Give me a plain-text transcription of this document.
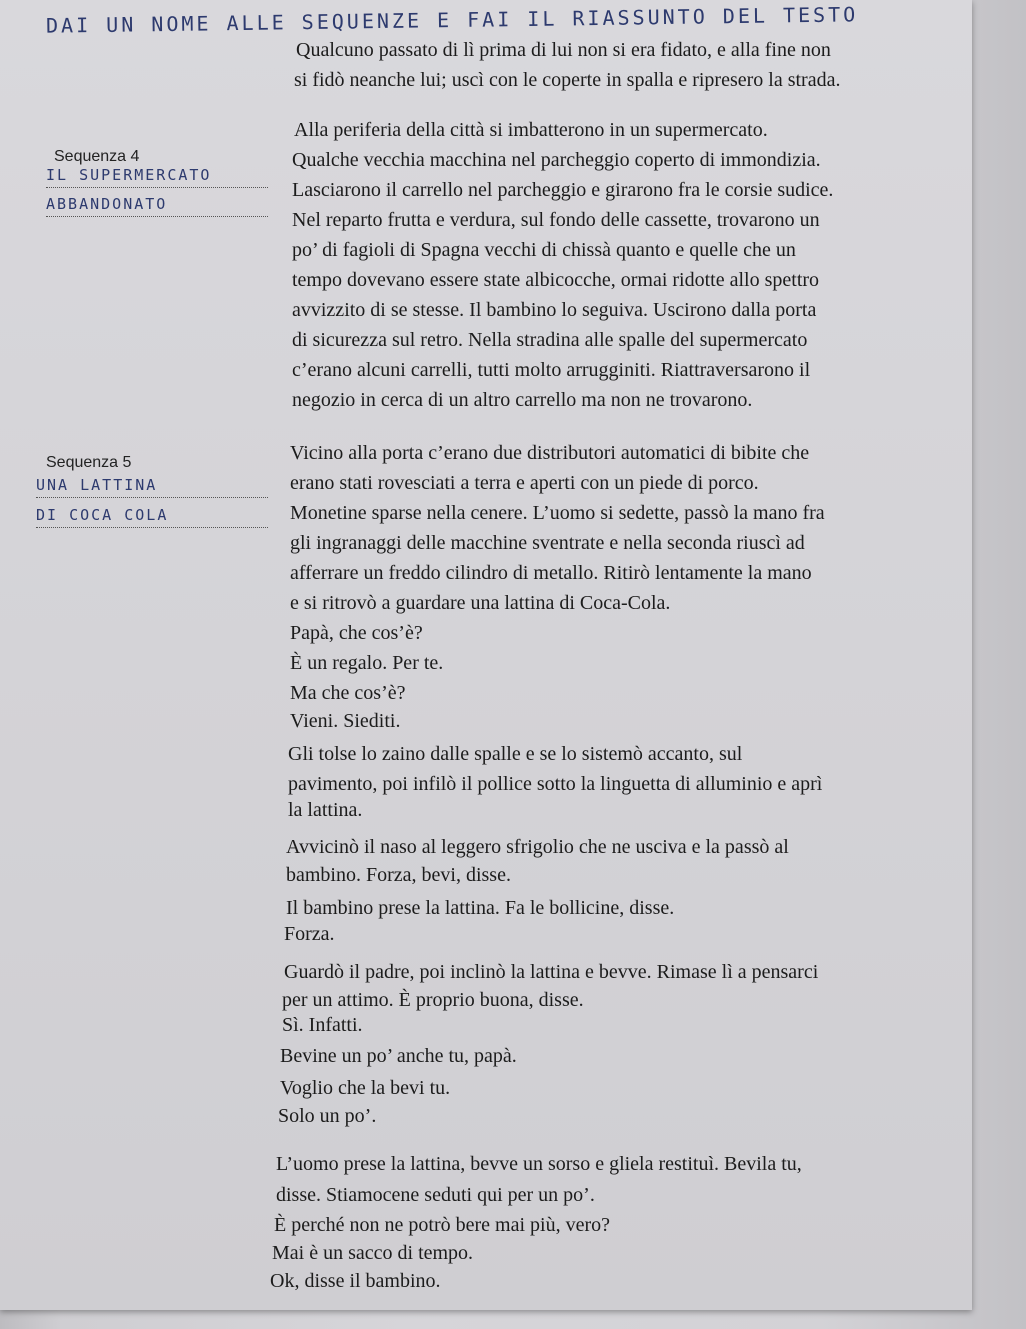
DAI UN NOME ALLE SEQUENZE E FAI IL RIASSUNTO DEL TESTO
Sequenza 4
IL SUPERMERCATO
ABBANDONATO
Sequenza 5
UNA LATTINA
DI COCA COLA
Qualcuno passato di lì prima di lui non si era fidato, e alla fine non
si fidò neanche lui; uscì con le coperte in spalla e ripresero la strada.
Alla periferia della città si imbatterono in un supermercato.
Qualche vecchia macchina nel parcheggio coperto di immondizia.
Lasciarono il carrello nel parcheggio e girarono fra le corsie sudice.
Nel reparto frutta e verdura, sul fondo delle cassette, trovarono un
po’ di fagioli di Spagna vecchi di chissà quanto e quelle che un
tempo dovevano essere state albicocche, ormai ridotte allo spettro
avvizzito di se stesse. Il bambino lo seguiva. Uscirono dalla porta
di sicurezza sul retro. Nella stradina alle spalle del supermercato
c’erano alcuni carrelli, tutti molto arrugginiti. Riattraversarono il
negozio in cerca di un altro carrello ma non ne trovarono.
Vicino alla porta c’erano due distributori automatici di bibite che
erano stati rovesciati a terra e aperti con un piede di porco.
Monetine sparse nella cenere. L’uomo si sedette, passò la mano fra
gli ingranaggi delle macchine sventrate e nella seconda riuscì ad
afferrare un freddo cilindro di metallo. Ritirò lentamente la mano
e si ritrovò a guardare una lattina di Coca-Cola.
Papà, che cos’è?
È un regalo. Per te.
Ma che cos’è?
Vieni. Siediti.
Gli tolse lo zaino dalle spalle e se lo sistemò accanto, sul
pavimento, poi infilò il pollice sotto la linguetta di alluminio e aprì
la lattina.
Avvicinò il naso al leggero sfrigolio che ne usciva e la passò al
bambino. Forza, bevi, disse.
Il bambino prese la lattina. Fa le bollicine, disse.
Forza.
Guardò il padre, poi inclinò la lattina e bevve. Rimase lì a pensarci
per un attimo. È proprio buona, disse.
Sì. Infatti.
Bevine un po’ anche tu, papà.
Voglio che la bevi tu.
Solo un po’.
L’uomo prese la lattina, bevve un sorso e gliela restituì. Bevila tu,
disse. Stiamocene seduti qui per un po’.
È perché non ne potrò bere mai più, vero?
Mai è un sacco di tempo.
Ok, disse il bambino.
